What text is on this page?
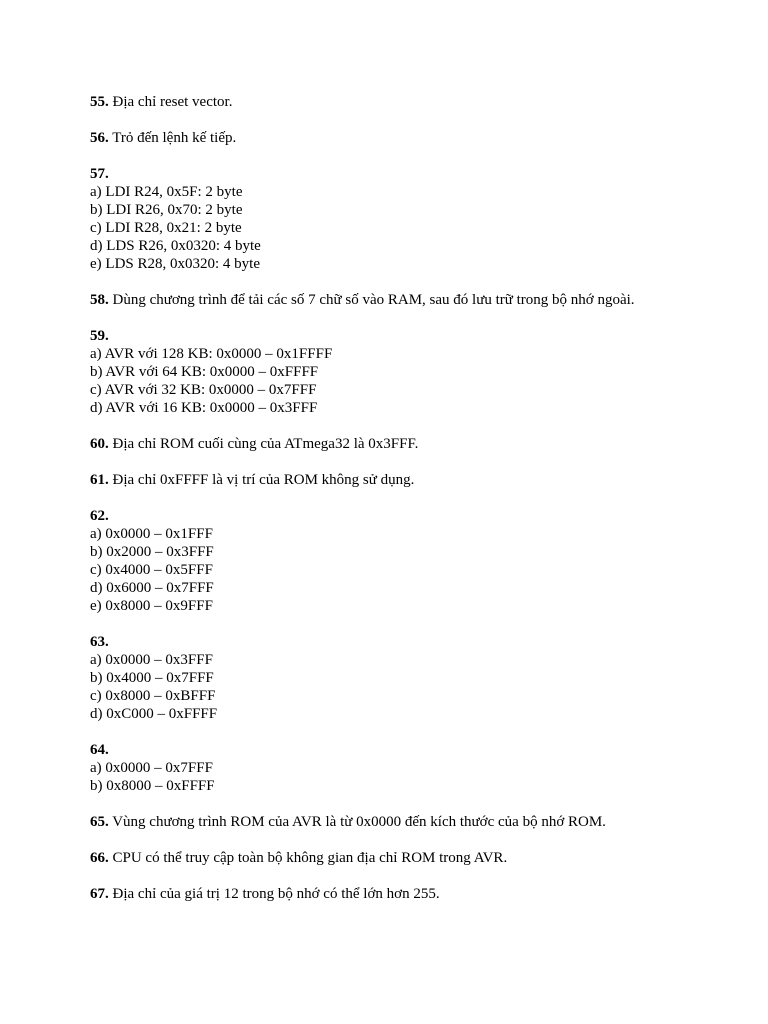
55. Địa chỉ reset vector.
56. Trỏ đến lệnh kế tiếp.
57.
a) LDI R24, 0x5F: 2 byte
b) LDI R26, 0x70: 2 byte
c) LDI R28, 0x21: 2 byte
d) LDS R26, 0x0320: 4 byte
e) LDS R28, 0x0320: 4 byte
58. Dùng chương trình để tải các số 7 chữ số vào RAM, sau đó lưu trữ trong bộ nhớ ngoài.
59.
a) AVR với 128 KB: 0x0000 – 0x1FFFF
b) AVR với 64 KB: 0x0000 – 0xFFFF
c) AVR với 32 KB: 0x0000 – 0x7FFF
d) AVR với 16 KB: 0x0000 – 0x3FFF
60. Địa chỉ ROM cuối cùng của ATmega32 là 0x3FFF.
61. Địa chỉ 0xFFFF là vị trí của ROM không sử dụng.
62.
a) 0x0000 – 0x1FFF
b) 0x2000 – 0x3FFF
c) 0x4000 – 0x5FFF
d) 0x6000 – 0x7FFF
e) 0x8000 – 0x9FFF
63.
a) 0x0000 – 0x3FFF
b) 0x4000 – 0x7FFF
c) 0x8000 – 0xBFFF
d) 0xC000 – 0xFFFF
64.
a) 0x0000 – 0x7FFF
b) 0x8000 – 0xFFFF
65. Vùng chương trình ROM của AVR là từ 0x0000 đến kích thước của bộ nhớ ROM.
66. CPU có thể truy cập toàn bộ không gian địa chỉ ROM trong AVR.
67. Địa chỉ của giá trị 12 trong bộ nhớ có thể lớn hơn 255.
